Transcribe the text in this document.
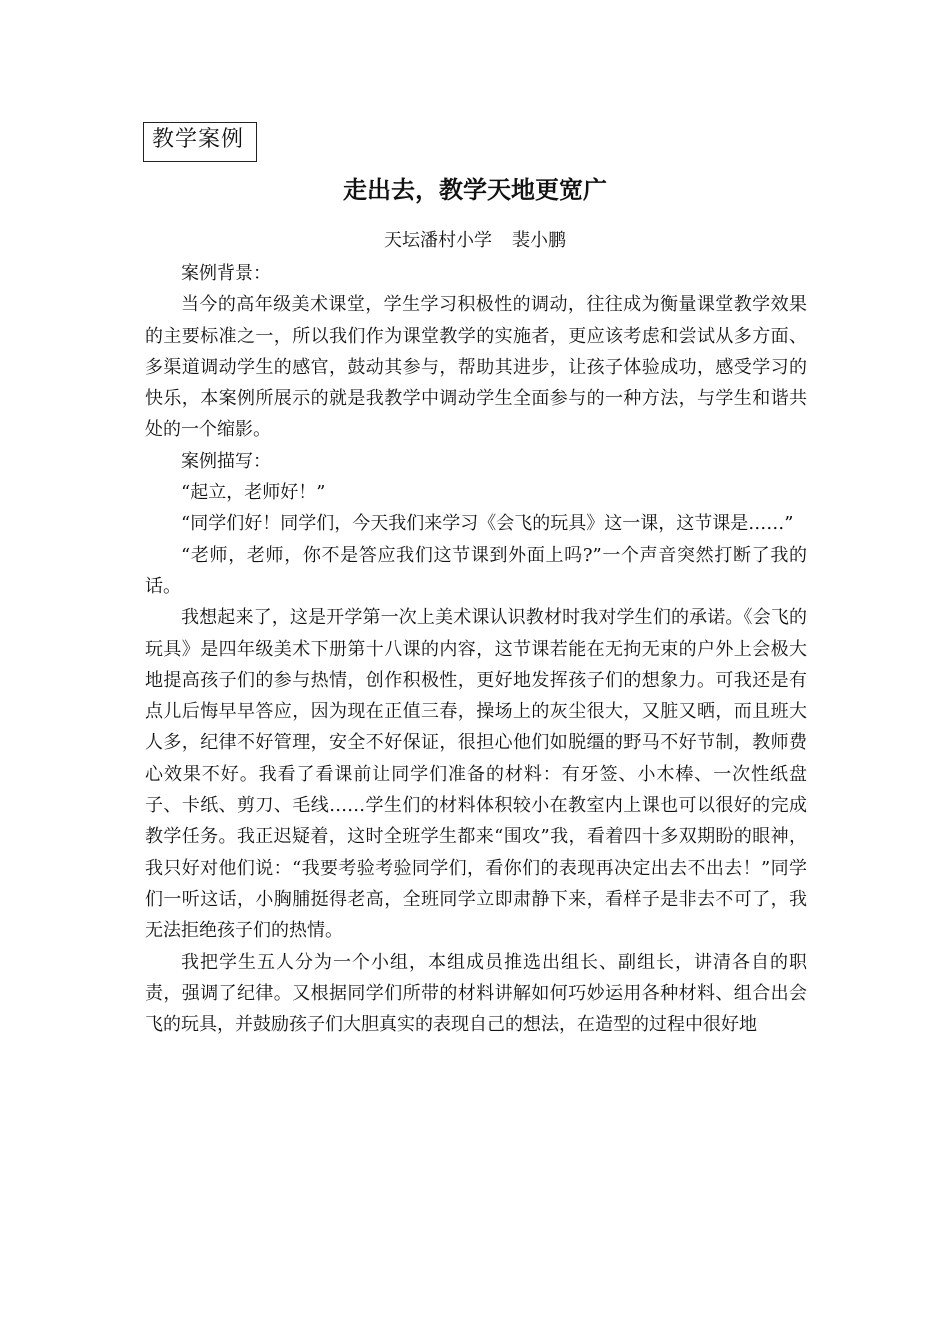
教学案例
走出去，教学天地更宽广
天坛潘村小学 裴小鹏

案例背景：

当今的高年级美术课堂，学生学习积极性的调动，往往成为衡量课堂教学效果的主要标准之一，所以我们作为课堂教学的实施者，更应该考虑和尝试从多方面、多渠道调动学生的感官，鼓动其参与，帮助其进步，让孩子体验成功，感受学习的快乐，本案例所展示的就是我教学中调动学生全面参与的一种方法，与学生和谐共处的一个缩影。

案例描写：

“起立，老师好！”

“同学们好！同学们，今天我们来学习《会飞的玩具》这一课，这节课是……”

“老师，老师，你不是答应我们这节课到外面上吗?”一个声音突然打断了我的话。

我想起来了，这是开学第一次上美术课认识教材时我对学生们的承诺。《会飞的玩具》是四年级美术下册第十八课的内容，这节课若能在无拘无束的户外上会极大地提高孩子们的参与热情，创作积极性，更好地发挥孩子们的想象力。可我还是有点儿后悔早早答应，因为现在正值三春，操场上的灰尘很大，又脏又晒，而且班大人多，纪律不好管理，安全不好保证，很担心他们如脱缰的野马不好节制，教师费心效果不好。我看了看课前让同学们准备的材料：有牙签、小木棒、一次性纸盘子、卡纸、剪刀、毛线……学生们的材料体积较小在教室内上课也可以很好的完成教学任务。我正迟疑着，这时全班学生都来“围攻”我，看着四十多双期盼的眼神，我只好对他们说：“我要考验考验同学们，看你们的表现再决定出去不出去！”同学们一听这话，小胸脯挺得老高，全班同学立即肃静下来，看样子是非去不可了，我无法拒绝孩子们的热情。

我把学生五人分为一个小组，本组成员推选出组长、副组长，讲清各自的职责，强调了纪律。又根据同学们所带的材料讲解如何巧妙运用各种材料、组合出会飞的玩具，并鼓励孩子们大胆真实的表现自己的想法，在造型的过程中很好地
